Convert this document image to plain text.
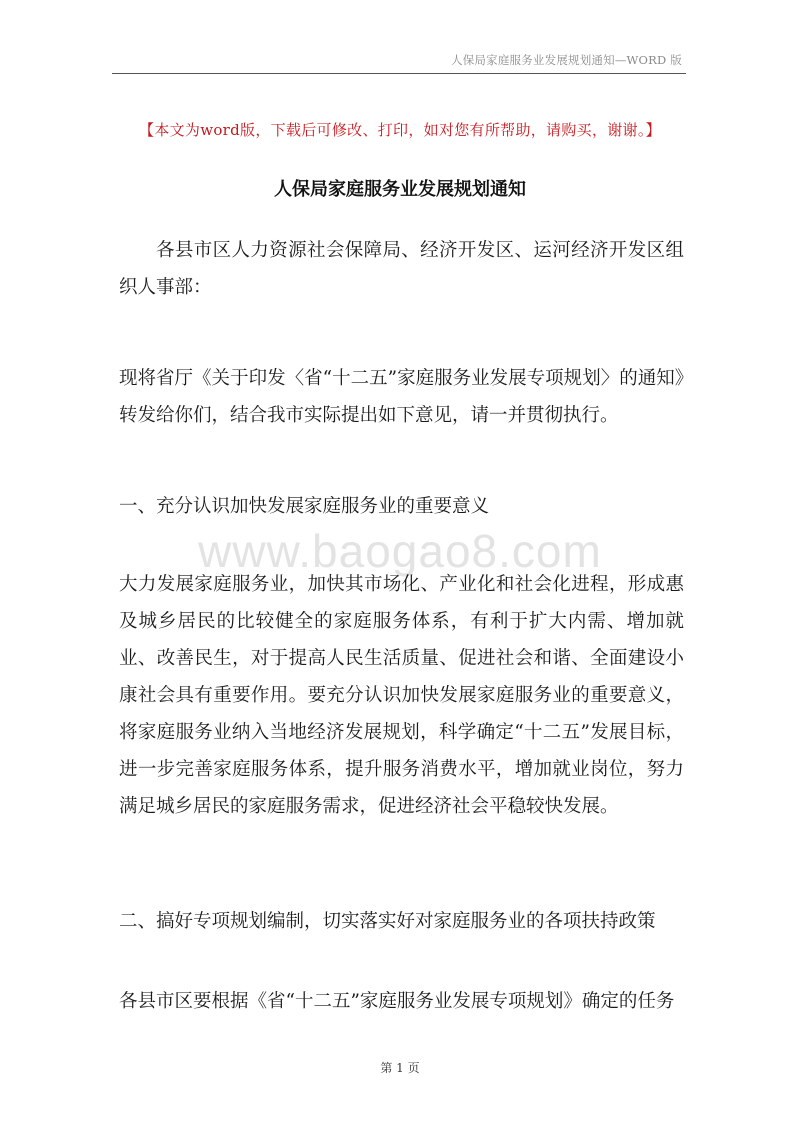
人保局家庭服务业发展规划通知—WORD 版
【本文为word版，下载后可修改、打印，如对您有所帮助，请购买，谢谢。】
人保局家庭服务业发展规划通知

各县市区人力资源社会保障局、经济开发区、运河经济开发区组织人事部：

现将省厅《关于印发〈省“十二五”家庭服务业发展专项规划〉的通知》转发给你们，结合我市实际提出如下意见，请一并贯彻执行。

一、充分认识加快发展家庭服务业的重要意义

www.baogao8.com

大力发展家庭服务业，加快其市场化、产业化和社会化进程，形成惠及城乡居民的比较健全的家庭服务体系，有利于扩大内需、增加就业、改善民生，对于提高人民生活质量、促进社会和谐、全面建设小康社会具有重要作用。要充分认识加快发展家庭服务业的重要意义，将家庭服务业纳入当地经济发展规划，科学确定“十二五”发展目标，进一步完善家庭服务体系，提升服务消费水平，增加就业岗位，努力满足城乡居民的家庭服务需求，促进经济社会平稳较快发展。

二、搞好专项规划编制，切实落实好对家庭服务业的各项扶持政策

各县市区要根据《省“十二五”家庭服务业发展专项规划》确定的任务

第 1 页
